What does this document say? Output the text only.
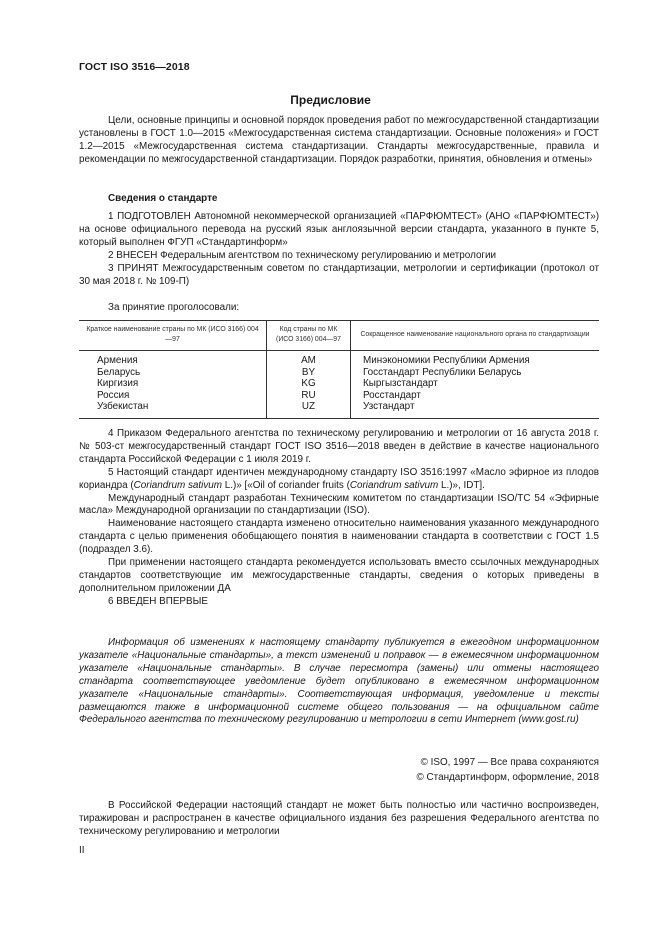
ГОСТ ISO 3516—2018
Предисловие

Цели, основные принципы и основной порядок проведения работ по межгосударственной стандартизации установлены в ГОСТ 1.0—2015 «Межгосударственная система стандартизации. Основные положения» и ГОСТ 1.2—2015 «Межгосударственная система стандартизации. Стандарты межгосударственные, правила и рекомендации по межгосударственной стандартизации. Порядок разработки, принятия, обновления и отмены»

Сведения о стандарте

1 ПОДГОТОВЛЕН Автономной некоммерческой организацией «ПАРФЮМТЕСТ» (АНО «ПАРФЮМТЕСТ») на основе официального перевода на русский язык англоязычной версии стандарта, указанного в пункте 5, который выполнен ФГУП «Стандартинформ»

2 ВНЕСЕН Федеральным агентством по техническому регулированию и метрологии

3 ПРИНЯТ Межгосударственным советом по стандартизации, метрологии и сертификации (протокол от 30 мая 2018 г. № 109-П)

За принятие проголосовали:
Краткое наименование страны по МК (ИСО 3166) 004—97	Код страны по МК (ИСО 3166) 004—97	Сокращенное наименование национального органа по стандартизации
Армения	AM	Минэкономики Республики Армения
Беларусь	BY	Госстандарт Республики Беларусь
Киргизия	KG	Кыргызстандарт
Россия	RU	Росстандарт
Узбекистан	UZ	Узстандарт

4 Приказом Федерального агентства по техническому регулированию и метрологии от 16 августа 2018 г. № 503-ст межгосударственный стандарт ГОСТ ISO 3516—2018 введен в действие в качестве национального стандарта Российской Федерации с 1 июля 2019 г.

5 Настоящий стандарт идентичен международному стандарту ISO 3516:1997 «Масло эфирное из плодов кориандра (Coriandrum sativum L.)» [«Oil of coriander fruits (Coriandrum sativum L.)», IDT].

Международный стандарт разработан Техническим комитетом по стандартизации ISO/TC 54 «Эфирные масла» Международной организации по стандартизации (ISO).

Наименование настоящего стандарта изменено относительно наименования указанного международного стандарта с целью применения обобщающего понятия в наименовании стандарта в соответствии с ГОСТ 1.5 (подраздел 3.6).

При применении настоящего стандарта рекомендуется использовать вместо ссылочных международных стандартов соответствующие им межгосударственные стандарты, сведения о которых приведены в дополнительном приложении ДА

6 ВВЕДЕН ВПЕРВЫЕ

Информация об изменениях к настоящему стандарту публикуется в ежегодном информационном указателе «Национальные стандарты», а текст изменений и поправок — в ежемесячном информационном указателе «Национальные стандарты». В случае пересмотра (замены) или отмены настоящего стандарта соответствующее уведомление будет опубликовано в ежемесячном информационном указателе «Национальные стандарты». Соответствующая информация, уведомление и тексты размещаются также в информационной системе общего пользования — на официальном сайте Федерального агентства по техническому регулированию и метрологии в сети Интернет (www.gost.ru)

© ISO, 1997 — Все права сохраняются
© Стандартинформ, оформление, 2018

В Российской Федерации настоящий стандарт не может быть полностью или частично воспроизведен, тиражирован и распространен в качестве официального издания без разрешения Федерального агентства по техническому регулированию и метрологии

II
